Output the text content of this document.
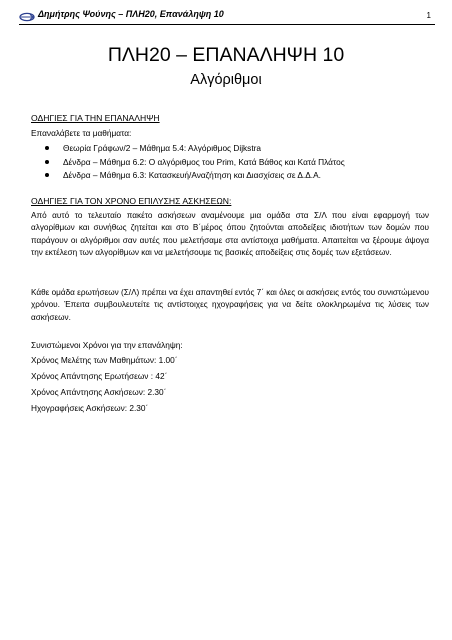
Δημήτρης Ψούνης – ΠΛΗ20, Επανάληψη 10	1
ΠΛΗ20 – ΕΠΑΝΑΛΗΨΗ 10
Αλγόριθμοι
ΟΔΗΓΙΕΣ ΓΙΑ ΤΗΝ ΕΠΑΝΑΛΗΨΗ
Επαναλάβετε τα μαθήματα:
Θεωρία Γράφων/2 – Μάθημα 5.4: Αλγόριθμος Dijkstra
Δένδρα – Μάθημα 6.2: Ο αλγόριθμος του Prim, Κατά Βάθος και Κατά Πλάτος
Δένδρα – Μάθημα 6.3: Κατασκευή/Αναζήτηση και Διασχίσεις σε Δ.Δ.Α.
ΟΔΗΓΙΕΣ ΓΙΑ ΤΟΝ ΧΡΟΝΟ ΕΠΙΛΥΣΗΣ ΑΣΚΗΣΕΩΝ:

Από αυτό το τελευταίο πακέτο ασκήσεων αναμένουμε μια ομάδα στα Σ/Λ που είναι εφαρμογή των αλγορίθμων και συνήθως ζητείται και στο Β΄μέρος όπου ζητούνται αποδείξεις ιδιοτήτων των δομών που παράγουν οι αλγόριθμοι σαν αυτές που μελετήσαμε στα αντίστοιχα μαθήματα. Απαιτείται να ξέρουμε άψογα την εκτέλεση των αλγορίθμων και να μελετήσουμε τις βασικές αποδείξεις στις δομές των εξετάσεων.

Κάθε ομάδα ερωτήσεων (Σ/Λ) πρέπει να έχει απαντηθεί εντός 7΄ και όλες οι ασκήσεις εντός του συνιστώμενου χρόνου. Έπειτα συμβουλευτείτε τις αντίστοιχες ηχογραφήσεις για να δείτε ολοκληρωμένα τις λύσεις των ασκήσεων.

Συνιστώμενοι Χρόνοι για την επανάληψη:
Χρόνος Μελέτης των Μαθημάτων: 1.00΄
Χρόνος Απάντησης Ερωτήσεων : 42΄
Χρόνος Απάντησης Ασκήσεων: 2.30΄
Ηχογραφήσεις Ασκήσεων: 2.30΄
